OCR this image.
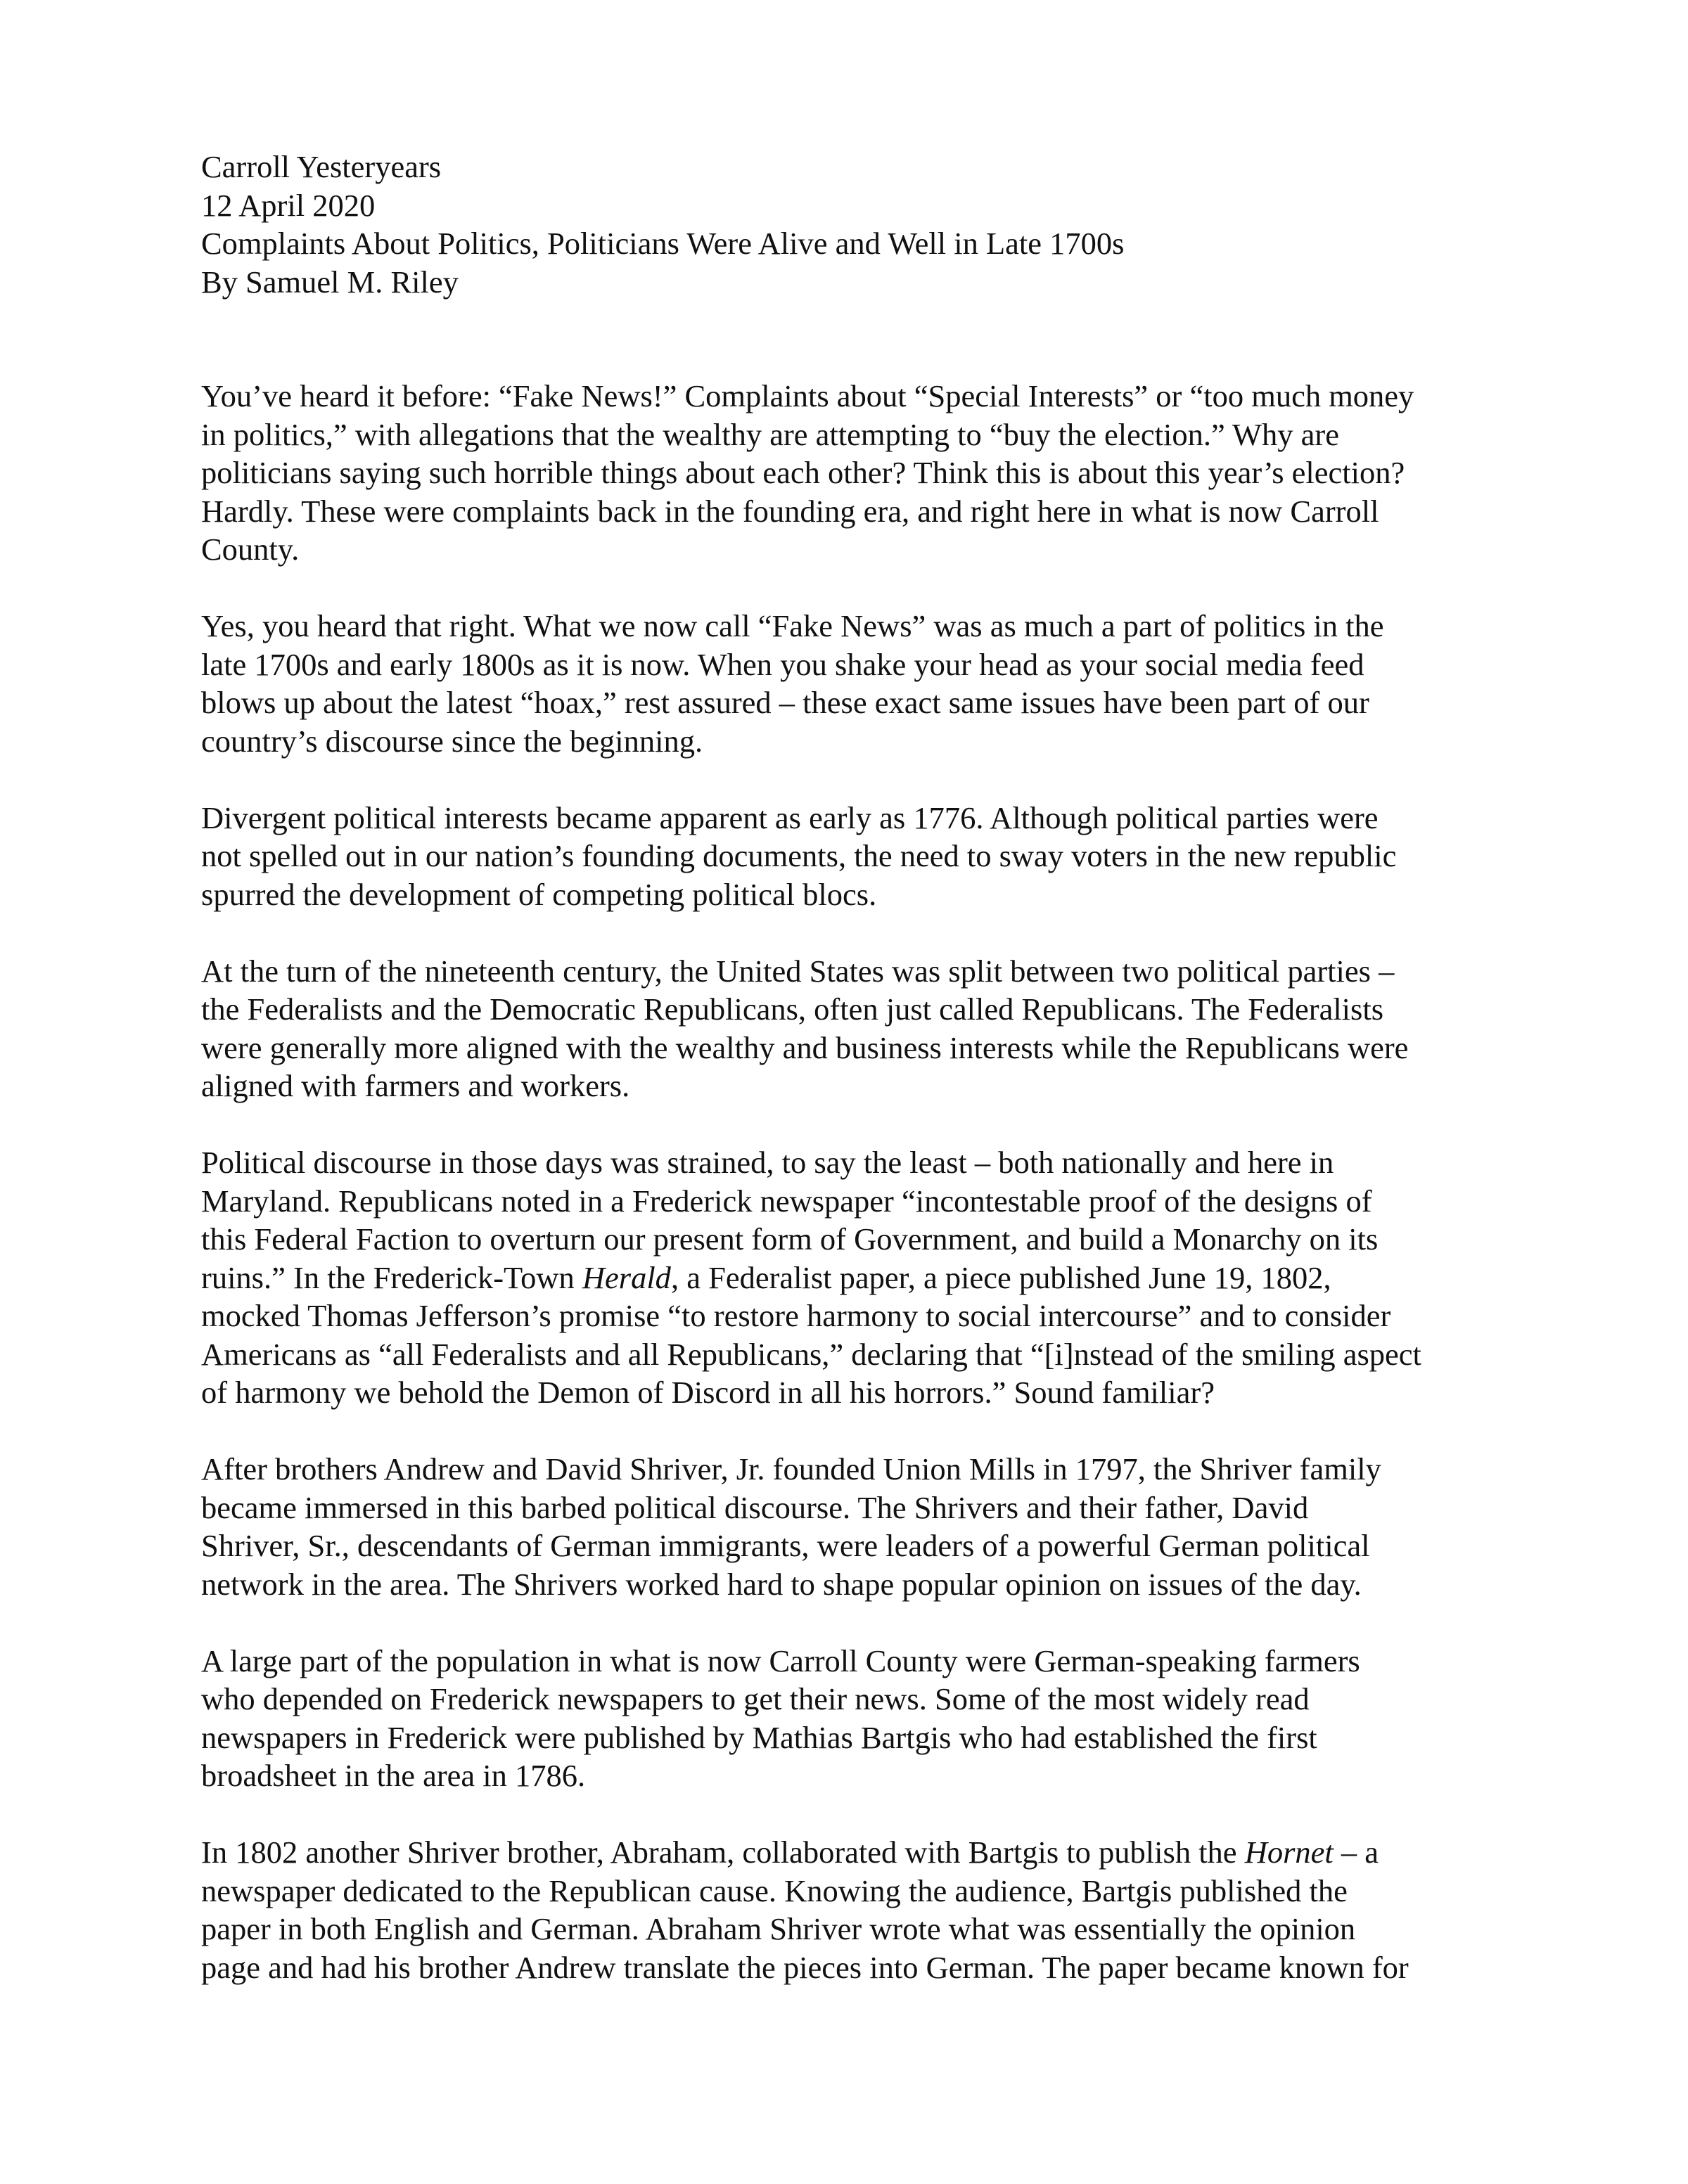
Carroll Yesteryears

12 April 2020

Complaints About Politics, Politicians Were Alive and Well in Late 1700s

By Samuel M. Riley

You’ve heard it before: “Fake News!” Complaints about “Special Interests” or “too much money
in politics,” with allegations that the wealthy are attempting to “buy the election.” Why are
politicians saying such horrible things about each other? Think this is about this year’s election?
Hardly. These were complaints back in the founding era, and right here in what is now Carroll
County.
Yes, you heard that right. What we now call “Fake News” was as much a part of politics in the
late 1700s and early 1800s as it is now. When you shake your head as your social media feed
blows up about the latest “hoax,” rest assured – these exact same issues have been part of our
country’s discourse since the beginning.
Divergent political interests became apparent as early as 1776. Although political parties were
not spelled out in our nation’s founding documents, the need to sway voters in the new republic
spurred the development of competing political blocs.
At the turn of the nineteenth century, the United States was split between two political parties –
the Federalists and the Democratic Republicans, often just called Republicans. The Federalists
were generally more aligned with the wealthy and business interests while the Republicans were
aligned with farmers and workers.
Political discourse in those days was strained, to say the least – both nationally and here in
Maryland. Republicans noted in a Frederick newspaper “incontestable proof of the designs of
this Federal Faction to overturn our present form of Government, and build a Monarchy on its
ruins.” In the Frederick-Town Herald, a Federalist paper, a piece published June 19, 1802,
mocked Thomas Jefferson’s promise “to restore harmony to social intercourse” and to consider
Americans as “all Federalists and all Republicans,” declaring that “[i]nstead of the smiling aspect
of harmony we behold the Demon of Discord in all his horrors.” Sound familiar?
After brothers Andrew and David Shriver, Jr. founded Union Mills in 1797, the Shriver family
became immersed in this barbed political discourse. The Shrivers and their father, David
Shriver, Sr., descendants of German immigrants, were leaders of a powerful German political
network in the area. The Shrivers worked hard to shape popular opinion on issues of the day.
A large part of the population in what is now Carroll County were German-speaking farmers
who depended on Frederick newspapers to get their news. Some of the most widely read
newspapers in Frederick were published by Mathias Bartgis who had established the first
broadsheet in the area in 1786.
In 1802 another Shriver brother, Abraham, collaborated with Bartgis to publish the Hornet – a
newspaper dedicated to the Republican cause. Knowing the audience, Bartgis published the
paper in both English and German. Abraham Shriver wrote what was essentially the opinion
page and had his brother Andrew translate the pieces into German. The paper became known for
